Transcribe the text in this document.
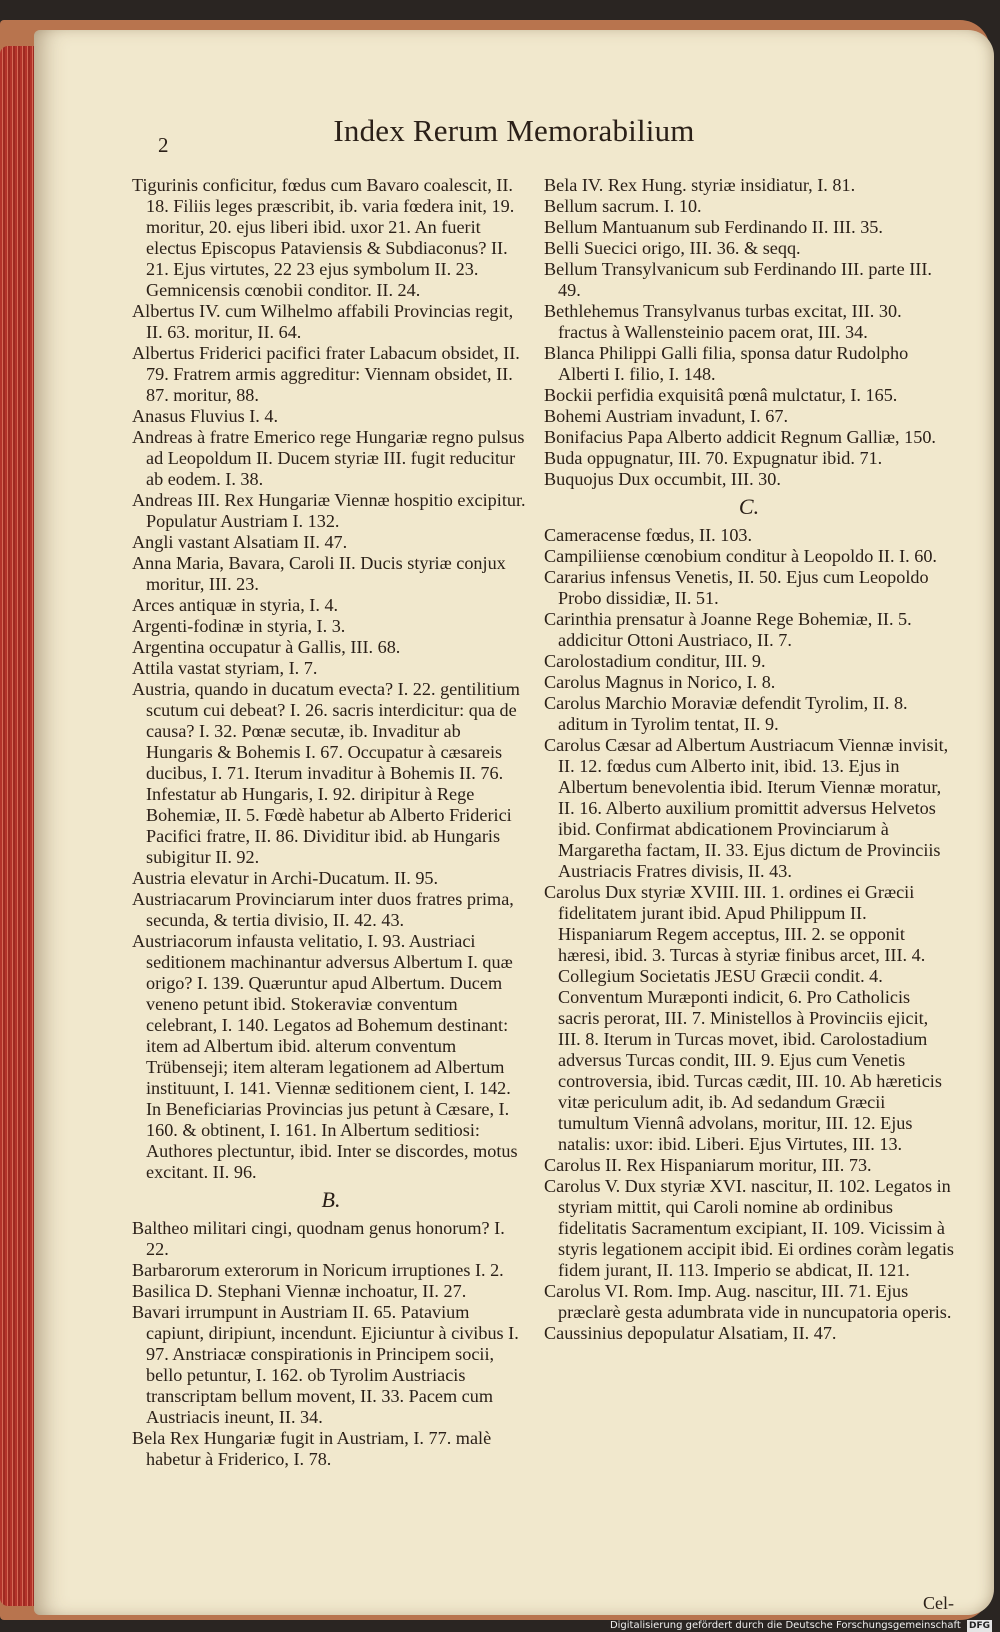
2	Index Rerum Memorabilium

Tigurinis conficitur, fœdus cum Bavaro coalescit, II. 18. Filiis leges præscribit, ib. varia fœdera init, 19. moritur, 20. ejus liberi ibid. uxor 21. An fuerit electus Episcopus Pataviensis & Subdiaconus? II. 21. Ejus virtutes, 22 23 ejus symbolum II. 23. Gemnicensis cœnobii conditor. II. 24.

Albertus IV. cum Wilhelmo affabili Provincias regit, II. 63. moritur, II. 64.

Albertus Friderici pacifici frater Labacum obsidet, II. 79. Fratrem armis aggreditur: Viennam obsidet, II. 87. moritur, 88.

Anasus Fluvius I. 4.

Andreas à fratre Emerico rege Hungariæ regno pulsus ad Leopoldum II. Ducem styriæ III. fugit reducitur ab eodem. I. 38.

Andreas III. Rex Hungariæ Viennæ hospitio excipitur. Populatur Austriam I. 132.

Angli vastant Alsatiam II. 47.

Anna Maria, Bavara, Caroli II. Ducis styriæ conjux moritur, III. 23.

Arces antiquæ in styria, I. 4.

Argenti-fodinæ in styria, I. 3.

Argentina occupatur à Gallis, III. 68.

Attila vastat styriam, I. 7.

Austria, quando in ducatum evecta? I. 22. gentilitium scutum cui debeat? I. 26. sacris interdicitur: qua de causa? I. 32. Pœnæ secutæ, ib. Invaditur ab Hungaris & Bohemis I. 67. Occupatur à cæsareis ducibus, I. 71. Iterum invaditur à Bohemis II. 76. Infestatur ab Hungaris, I. 92. diripitur à Rege Bohemiæ, II. 5. Fœdè habetur ab Alberto Friderici Pacifici fratre, II. 86. Dividitur ibid. ab Hungaris subigitur II. 92.

Austria elevatur in Archi-Ducatum. II. 95.

Austriacarum Provinciarum inter duos fratres prima, secunda, & tertia divisio, II. 42. 43.

Austriacorum infausta velitatio, I. 93. Austriaci seditionem machinantur adversus Albertum I. quæ origo? I. 139. Quæruntur apud Albertum. Ducem veneno petunt ibid. Stokeraviæ conventum celebrant, I. 140. Legatos ad Bohemum destinant: item ad Albertum ibid. alterum conventum Trübenseji; item alteram legationem ad Albertum instituunt, I. 141. Viennæ seditionem cient, I. 142. In Beneficiarias Provincias jus petunt à Cæsare, I. 160. & obtinent, I. 161. In Albertum seditiosi: Authores plectuntur, ibid. Inter se discordes, motus excitant. II. 96.

B.

Baltheo militari cingi, quodnam genus honorum? I. 22.

Barbarorum exterorum in Noricum irruptiones I. 2.

Basilica D. Stephani Viennæ inchoatur, II. 27.

Bavari irrumpunt in Austriam II. 65. Patavium capiunt, diripiunt, incendunt. Ejiciuntur à civibus I. 97. Anstriacæ conspirationis in Principem socii, bello petuntur, I. 162. ob Tyrolim Austriacis transcriptam bellum movent, II. 33. Pacem cum Austriacis ineunt, II. 34.

Bela Rex Hungariæ fugit in Austriam, I. 77. malè habetur à Friderico, I. 78.

Bela IV. Rex Hung. styriæ insidiatur, I. 81.

Bellum sacrum. I. 10.

Bellum Mantuanum sub Ferdinando II. III. 35.

Belli Suecici origo, III. 36. & seqq.

Bellum Transylvanicum sub Ferdinando III. parte III. 49.

Bethlehemus Transylvanus turbas excitat, III. 30. fractus à Wallensteinio pacem orat, III. 34.

Blanca Philippi Galli filia, sponsa datur Rudolpho Alberti I. filio, I. 148.

Bockii perfidia exquisitâ pœnâ mulctatur, I. 165.

Bohemi Austriam invadunt, I. 67.

Bonifacius Papa Alberto addicit Regnum Galliæ, 150.

Buda oppugnatur, III. 70. Expugnatur ibid. 71.

Buquojus Dux occumbit, III. 30.

C.

Cameracense fœdus, II. 103.

Campiliiense cœnobium conditur à Leopoldo II. I. 60.

Cararius infensus Venetis, II. 50. Ejus cum Leopoldo Probo dissidiæ, II. 51.

Carinthia prensatur à Joanne Rege Bohemiæ, II. 5. addicitur Ottoni Austriaco, II. 7.

Carolostadium conditur, III. 9.

Carolus Magnus in Norico, I. 8.

Carolus Marchio Moraviæ defendit Tyrolim, II. 8. aditum in Tyrolim tentat, II. 9.

Carolus Cæsar ad Albertum Austriacum Viennæ invisit, II. 12. fœdus cum Alberto init, ibid. 13. Ejus in Albertum benevolentia ibid. Iterum Viennæ moratur, II. 16. Alberto auxilium promittit adversus Helvetos ibid. Confirmat abdicationem Provinciarum à Margaretha factam, II. 33. Ejus dictum de Provinciis Austriacis Fratres divisis, II. 43.

Carolus Dux styriæ XVIII. III. 1. ordines ei Græcii fidelitatem jurant ibid. Apud Philippum II. Hispaniarum Regem acceptus, III. 2. se opponit hæresi, ibid. 3. Turcas à styriæ finibus arcet, III. 4. Collegium Societatis JESU Græcii condit. 4. Conventum Muræponti indicit, 6. Pro Catholicis sacris perorat, III. 7. Ministellos à Provinciis ejicit, III. 8. Iterum in Turcas movet, ibid. Carolostadium adversus Turcas condit, III. 9. Ejus cum Venetis controversia, ibid. Turcas cædit, III. 10. Ab hæreticis vitæ periculum adit, ib. Ad sedandum Græcii tumultum Viennâ advolans, moritur, III. 12. Ejus natalis: uxor: ibid. Liberi. Ejus Virtutes, III. 13.

Carolus II. Rex Hispaniarum moritur, III. 73.

Carolus V. Dux styriæ XVI. nascitur, II. 102. Legatos in styriam mittit, qui Caroli nomine ab ordinibus fidelitatis Sacramentum excipiant, II. 109. Vicissim à styris legationem accipit ibid. Ei ordines coràm legatis fidem jurant, II. 113. Imperio se abdicat, II. 121.

Carolus VI. Rom. Imp. Aug. nascitur, III. 71. Ejus præclarè gesta adumbrata vide in nuncupatoria operis.

Caussinius depopulatur Alsatiam, II. 47.

Cel-
Digitalisierung gefördert durch die Deutsche Forschungsgemeinschaft DFG
